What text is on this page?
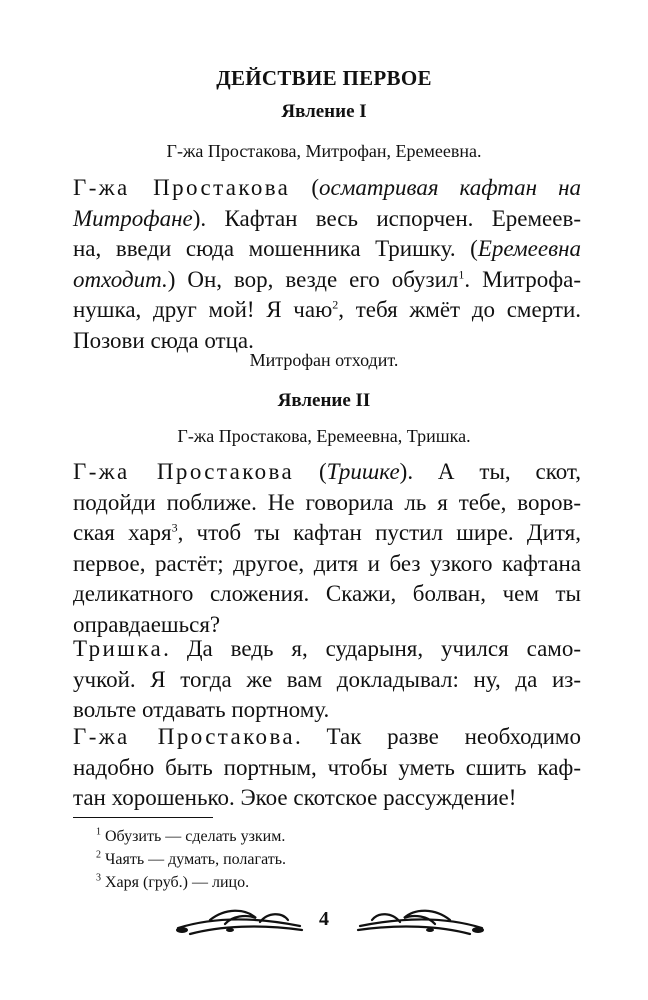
ДЕЙСТВИЕ ПЕРВОЕ
Явление I
Г-жа Простакова, Митрофан, Еремеевна.
Г-жа Простакова (осматривая кафтан на
Митрофане). Кафтан весь испорчен. Еремеев-
на, введи сюда мошенника Тришку. (Еремеевна
отходит.) Он, вор, везде его обузил$^1$. Митрофа-
нушка, друг мой! Я чаю$^2$, тебя жмёт до смерти.
Позови сюда отца.
Митрофан отходит.
Явление II
Г-жа Простакова, Еремеевна, Тришка.
Г-жа Простакова (Тришке). А ты, скот,
подойди поближе. Не говорила ль я тебе, воров-
ская харя$^3$, чтоб ты кафтан пустил шире. Дитя,
первое, растёт; другое, дитя и без узкого кафтана
деликатного сложения. Скажи, болван, чем ты
оправдаешься?
Тришка. Да ведь я, сударыня, учился само-
учкой. Я тогда же вам докладывал: ну, да из-
вольте отдавать портному.
Г-жа Простакова. Так разве необходимо
надобно быть портным, чтобы уметь сшить каф-
тан хорошенько. Экое скотское рассуждение!
$^1$ Обузить — сделать узким.
$^2$ Чаять — думать, полагать.
$^3$ Харя (груб.) — лицо.
4
